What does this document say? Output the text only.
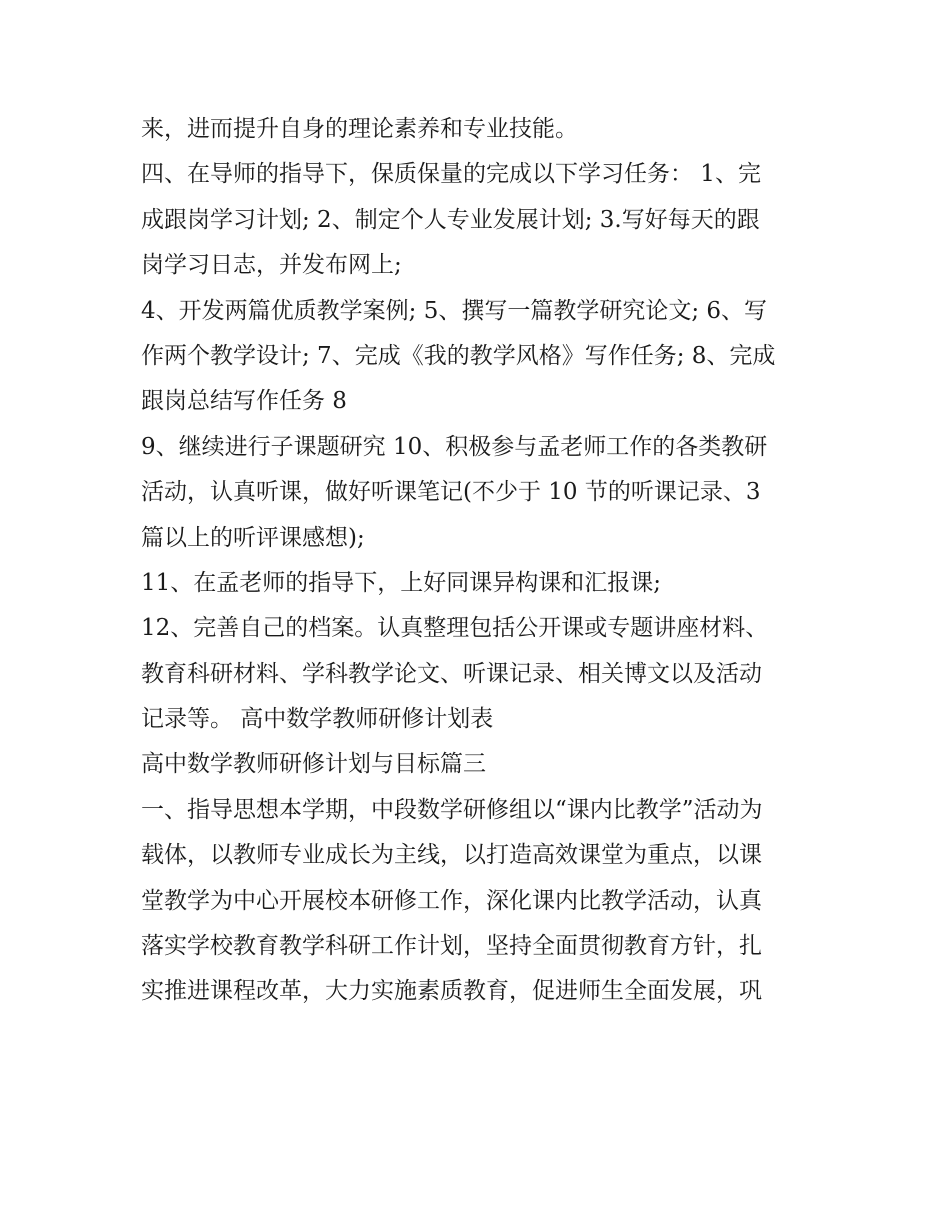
来，进而提升自身的理论素养和专业技能。
四、在导师的指导下，保质保量的完成以下学习任务： 1、完
成跟岗学习计划; 2、制定个人专业发展计划; 3.写好每天的跟
岗学习日志，并发布网上;
4、开发两篇优质教学案例; 5、撰写一篇教学研究论文; 6、写
作两个教学设计; 7、完成《我的教学风格》写作任务; 8、完成
跟岗总结写作任务 8
9、继续进行子课题研究 10、积极参与孟老师工作的各类教研
活动，认真听课，做好听课笔记(不少于 10 节的听课记录、3
篇以上的听评课感想);
11、在孟老师的指导下，上好同课异构课和汇报课;
12、完善自己的档案。认真整理包括公开课或专题讲座材料、
教育科研材料、学科教学论文、听课记录、相关博文以及活动
记录等。 高中数学教师研修计划表
高中数学教师研修计划与目标篇三
一、指导思想本学期，中段数学研修组以“课内比教学”活动为
载体，以教师专业成长为主线，以打造高效课堂为重点，以课
堂教学为中心开展校本研修工作，深化课内比教学活动，认真
落实学校教育教学科研工作计划，坚持全面贯彻教育方针，扎
实推进课程改革，大力实施素质教育，促进师生全面发展，巩
